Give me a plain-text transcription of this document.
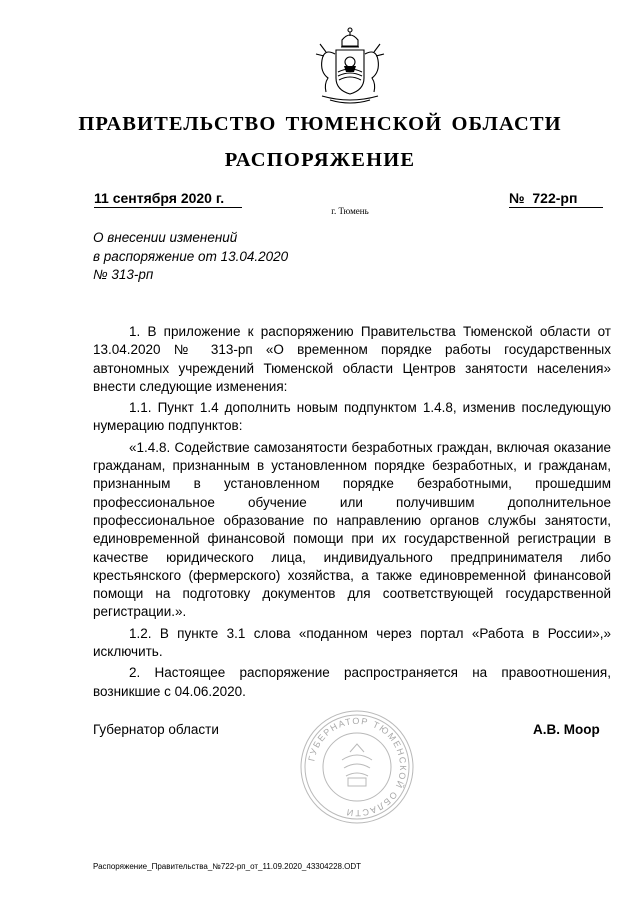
ПРАВИТЕЛЬСТВО ТЮМЕНСКОЙ ОБЛАСТИ
РАСПОРЯЖЕНИЕ
11 сентября 2020 г.	№ 722-рп
г. Тюмень
О внесении изменений
в распоряжение от 13.04.2020
№ 313-рп

1. В приложение к распоряжению Правительства Тюменской области от 13.04.2020 № 313-рп «О временном порядке работы государственных автономных учреждений Тюменской области Центров занятости населения» внести следующие изменения:

1.1. Пункт 1.4 дополнить новым подпунктом 1.4.8, изменив последующую нумерацию подпунктов:

«1.4.8. Содействие самозанятости безработных граждан, включая оказание гражданам, признанным в установленном порядке безработных, и гражданам, признанным в установленном порядке безработными, прошедшим профессиональное обучение или получившим дополнительное профессиональное образование по направлению органов службы занятости, единовременной финансовой помощи при их государственной регистрации в качестве юридического лица, индивидуального предпринимателя либо крестьянского (фермерского) хозяйства, а также единовременной финансовой помощи на подготовку документов для соответствующей государственной регистрации.».

1.2. В пункте 3.1 слова «поданном через портал «Работа в России»,» исключить.

2. Настоящее распоряжение распространяется на правоотношения, возникшие с 04.06.2020.

ГУБЕРНАТОР ТЮМЕНСКОЙ ОБЛАСТИ
Губернатор области	А.В. Моор
Распоряжение_Правительства_№722-рп_от_11.09.2020_43304228.ODT
